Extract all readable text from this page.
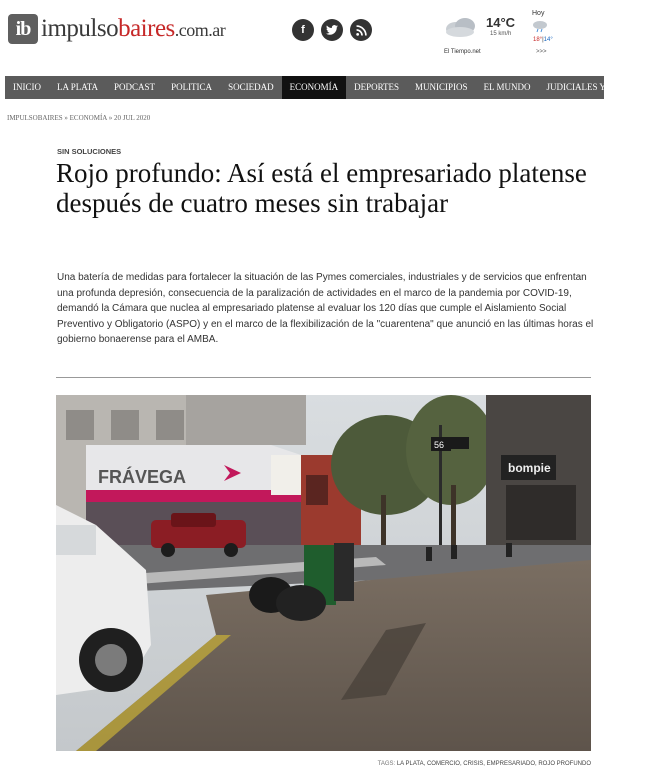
ib impulsobaires.com.ar	f	14°C
15 km/h
El Tiempo.net
Hoy
18°|14°
>>>
INICIO	LA PLATA	PODCAST	POLITICA	SOCIEDAD	ECONOMÍA	DEPORTES	MUNICIPIOS	EL MUNDO	JUDICIALES Y POLICIALES
IMPULSOBAIRES » ECONOMÍA » 20 JUL 2020
SIN SOLUCIONES
Rojo profundo: Así está el empresariado platense después de cuatro meses sin trabajar

Una batería de medidas para fortalecer la situación de las Pymes comerciales, industriales y de servicios que enfrentan una profunda depresión, consecuencia de la paralización de actividades en el marco de la pandemia por COVID-19, demandó la Cámara que nuclea al empresariado platense al evaluar los 120 días que cumple el Aislamiento Social Preventivo y Obligatorio (ASPO) y en el marco de la flexibilización de la "cuarentena" que anunció en las últimas horas el gobierno bonaerense para el AMBA.

FRÁVEGA	bompie
56
TAGS: LA PLATA, COMERCIO, CRISIS, EMPRESARIADO, ROJO PROFUNDO
